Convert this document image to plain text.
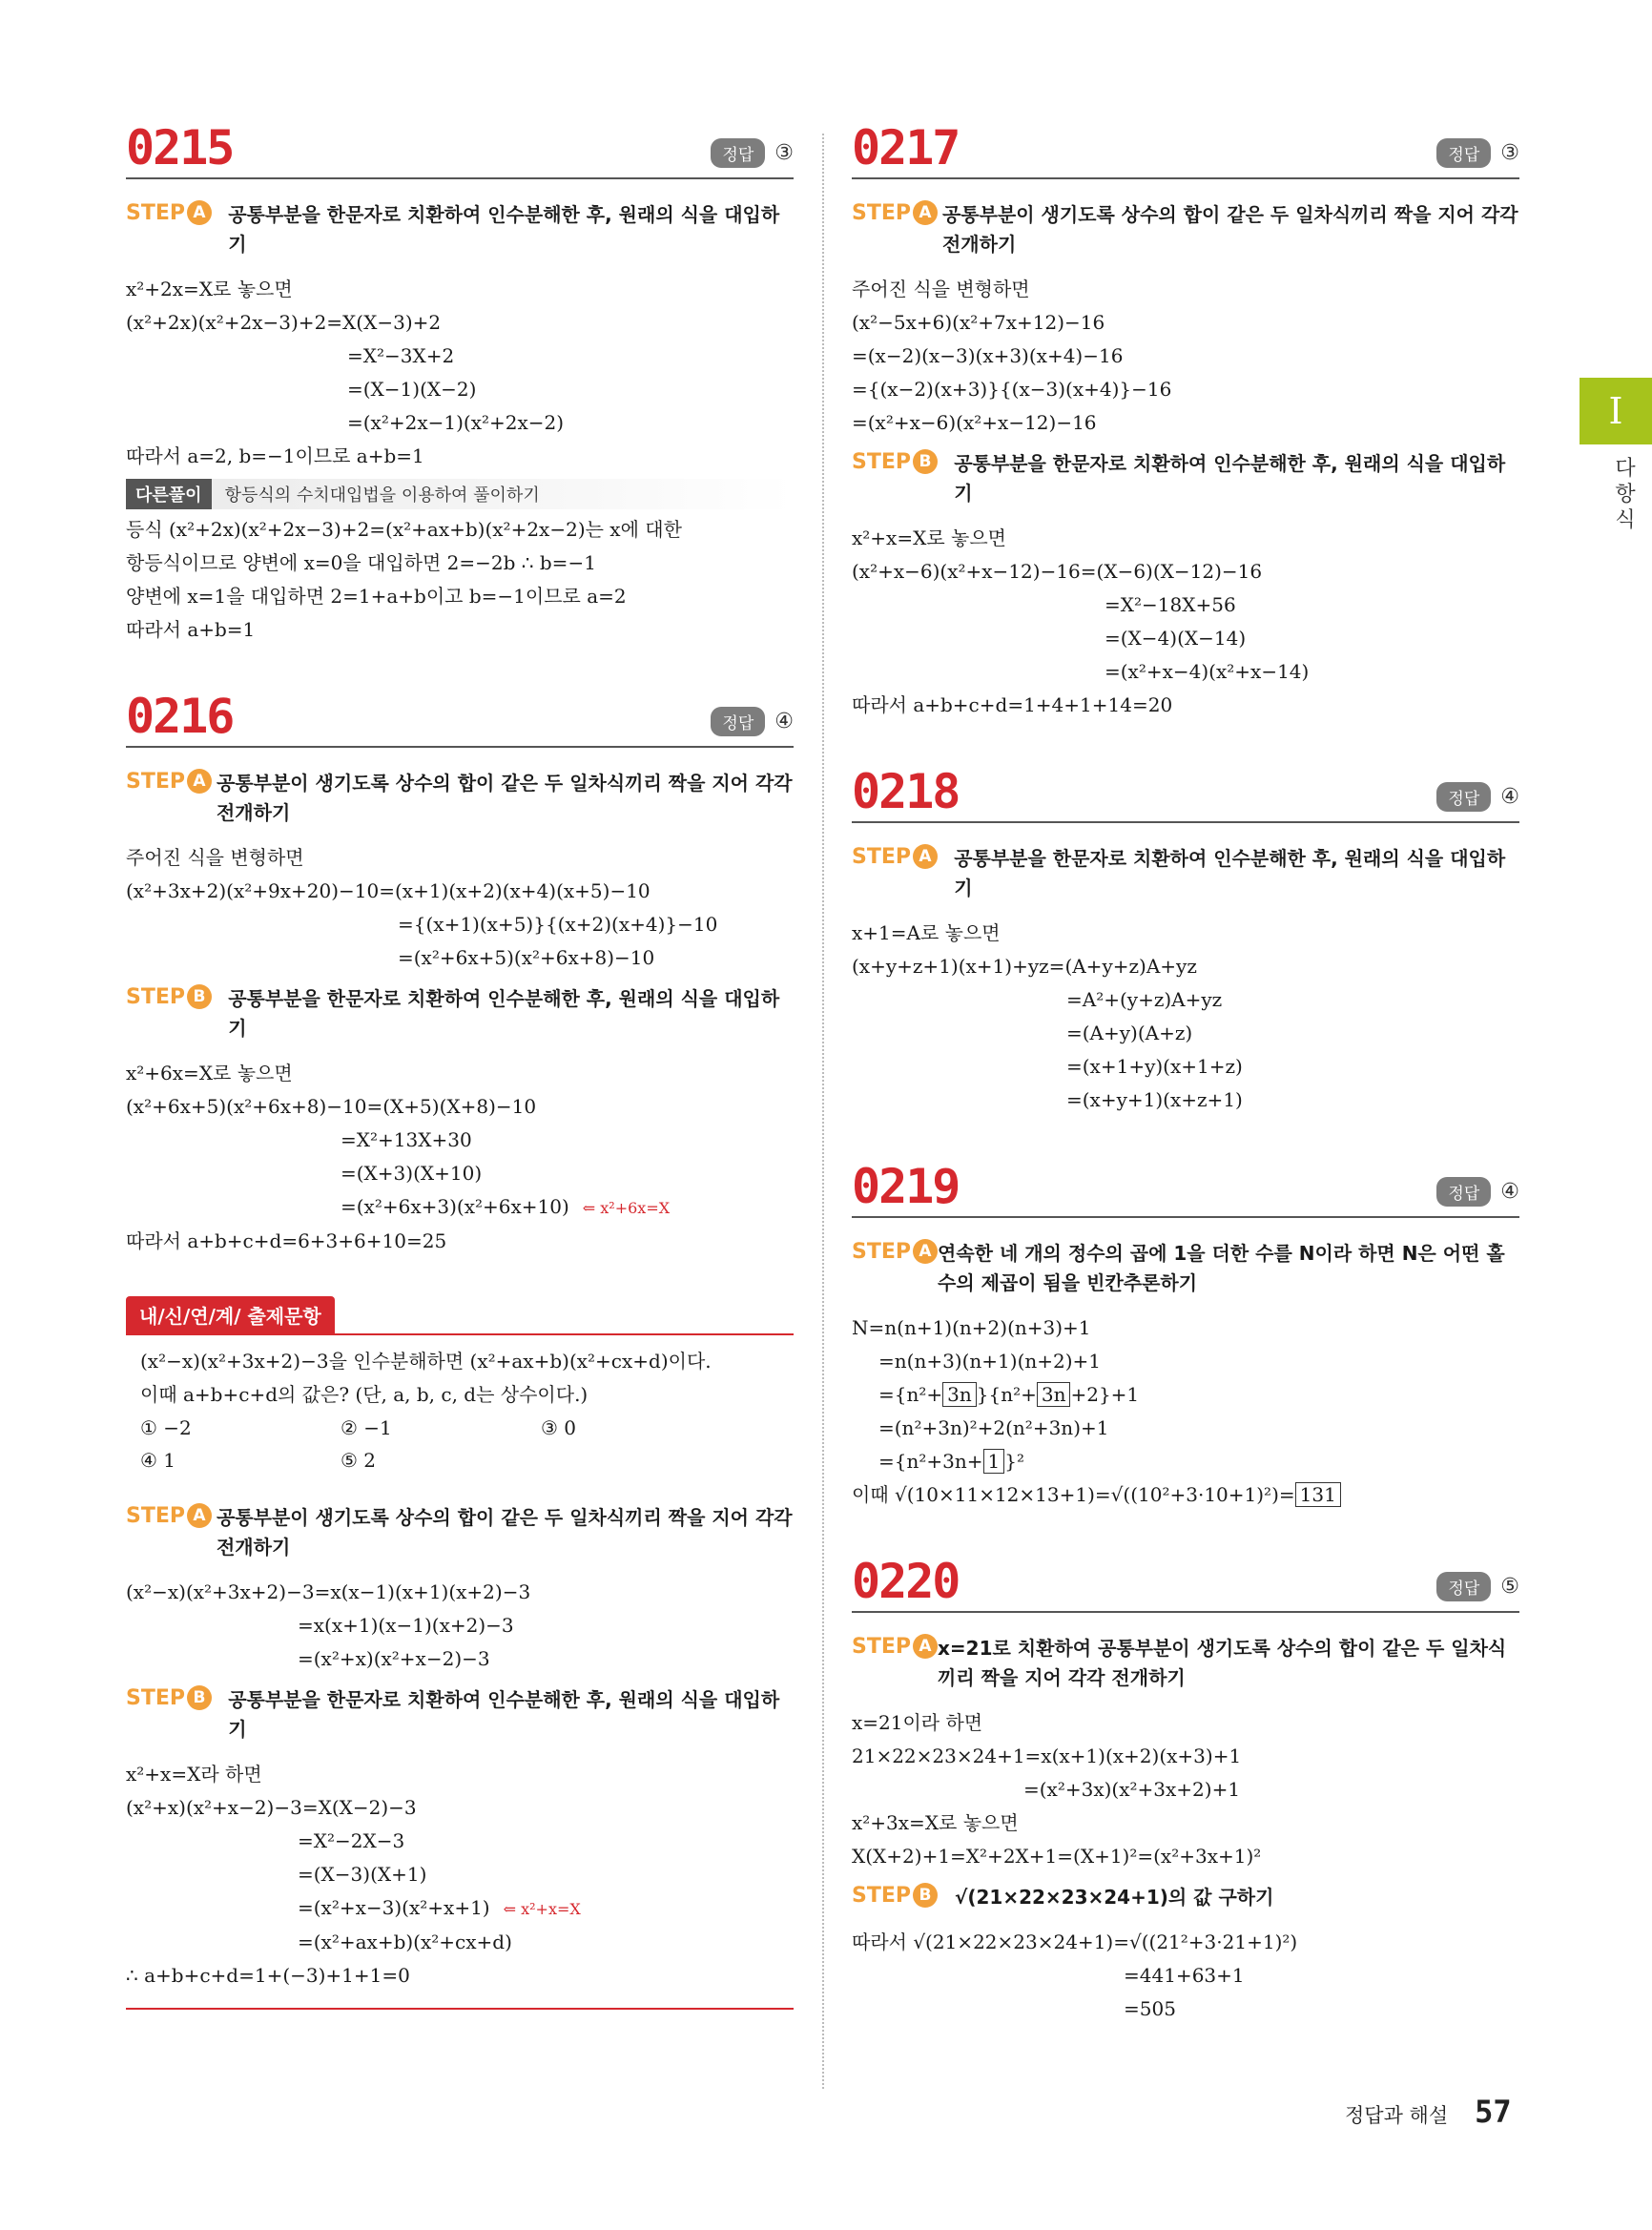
0215	정답	③
STEP A	공통부분을 한문자로 치환하여 인수분해한 후, 원래의 식을 대입하기
x²+2x=X로 놓으면
(x²+2x)(x²+2x−3)+2=X(X−3)+2
=X²−3X+2
=(X−1)(X−2)
=(x²+2x−1)(x²+2x−2)
따라서 a=2, b=−1이므로 a+b=1
다른풀이	항등식의 수치대입법을 이용하여 풀이하기
등식 (x²+2x)(x²+2x−3)+2=(x²+ax+b)(x²+2x−2)는 x에 대한
항등식이므로 양변에 x=0을 대입하면 2=−2b ∴ b=−1
양변에 x=1을 대입하면 2=1+a+b이고 b=−1이므로 a=2
따라서 a+b=1
0216	정답	④
STEP A 공통부분이 생기도록 상수의 합이 같은 두 일차식끼리 짝을 지어 각각 전개하기
주어진 식을 변형하면
(x²+3x+2)(x²+9x+20)−10=(x+1)(x+2)(x+4)(x+5)−10
={(x+1)(x+5)}{(x+2)(x+4)}−10
=(x²+6x+5)(x²+6x+8)−10
STEP B	공통부분을 한문자로 치환하여 인수분해한 후, 원래의 식을 대입하기
x²+6x=X로 놓으면
(x²+6x+5)(x²+6x+8)−10=(X+5)(X+8)−10
=X²+13X+30
=(X+3)(X+10)
=(x²+6x+3)(x²+6x+10) ⇐ x²+6x=X
따라서 a+b+c+d=6+3+6+10=25
내/신/연/계/ 출제문항
(x²−x)(x²+3x+2)−3을 인수분해하면 (x²+ax+b)(x²+cx+d)이다.
이때 a+b+c+d의 값은? (단, a, b, c, d는 상수이다.)
① −2	② −1	③ 0
④ 1	⑤ 2
STEP A 공통부분이 생기도록 상수의 합이 같은 두 일차식끼리 짝을 지어 각각 전개하기
(x²−x)(x²+3x+2)−3=x(x−1)(x+1)(x+2)−3
=x(x+1)(x−1)(x+2)−3
=(x²+x)(x²+x−2)−3
STEP B	공통부분을 한문자로 치환하여 인수분해한 후, 원래의 식을 대입하기
x²+x=X라 하면
(x²+x)(x²+x−2)−3=X(X−2)−3
=X²−2X−3
=(X−3)(X+1)
=(x²+x−3)(x²+x+1) ⇐ x²+x=X
=(x²+ax+b)(x²+cx+d)
∴ a+b+c+d=1+(−3)+1+1=0
0217	정답	③
STEP A 공통부분이 생기도록 상수의 합이 같은 두 일차식끼리 짝을 지어 각각 전개하기
주어진 식을 변형하면
(x²−5x+6)(x²+7x+12)−16
=(x−2)(x−3)(x+3)(x+4)−16
={(x−2)(x+3)}{(x−3)(x+4)}−16
=(x²+x−6)(x²+x−12)−16
STEP B	공통부분을 한문자로 치환하여 인수분해한 후, 원래의 식을 대입하기
x²+x=X로 놓으면
(x²+x−6)(x²+x−12)−16=(X−6)(X−12)−16
=X²−18X+56
=(X−4)(X−14)
=(x²+x−4)(x²+x−14)
따라서 a+b+c+d=1+4+1+14=20
0218	정답	④
STEP A	공통부분을 한문자로 치환하여 인수분해한 후, 원래의 식을 대입하기
x+1=A로 놓으면
(x+y+z+1)(x+1)+yz=(A+y+z)A+yz
=A²+(y+z)A+yz
=(A+y)(A+z)
=(x+1+y)(x+1+z)
=(x+y+1)(x+z+1)
0219	정답	④
STEP A 연속한 네 개의 정수의 곱에 1을 더한 수를 N이라 하면 N은 어떤 홀수의 제곱이 됨을 빈칸추론하기
N=n(n+1)(n+2)(n+3)+1
=n(n+3)(n+1)(n+2)+1
={n²+ 3n }{n²+ 3n +2}+1
=(n²+3n)²+2(n²+3n)+1
={n²+3n+ 1 }²
이때 √(10×11×12×13+1)=√((10²+3·10+1)²)= 131
0220	정답	⑤
STEP A x=21로 치환하여 공통부분이 생기도록 상수의 합이 같은 두 일차식끼리 짝을 지어 각각 전개하기
x=21이라 하면
21×22×23×24+1=x(x+1)(x+2)(x+3)+1
=(x²+3x)(x²+3x+2)+1
x²+3x=X로 놓으면
X(X+2)+1=X²+2X+1=(X+1)²=(x²+3x+1)²
STEP B	√(21×22×23×24+1)의 값 구하기
따라서 √(21×22×23×24+1)=√((21²+3·21+1)²)
=441+63+1
=505
I
다항식
정답과 해설 57
